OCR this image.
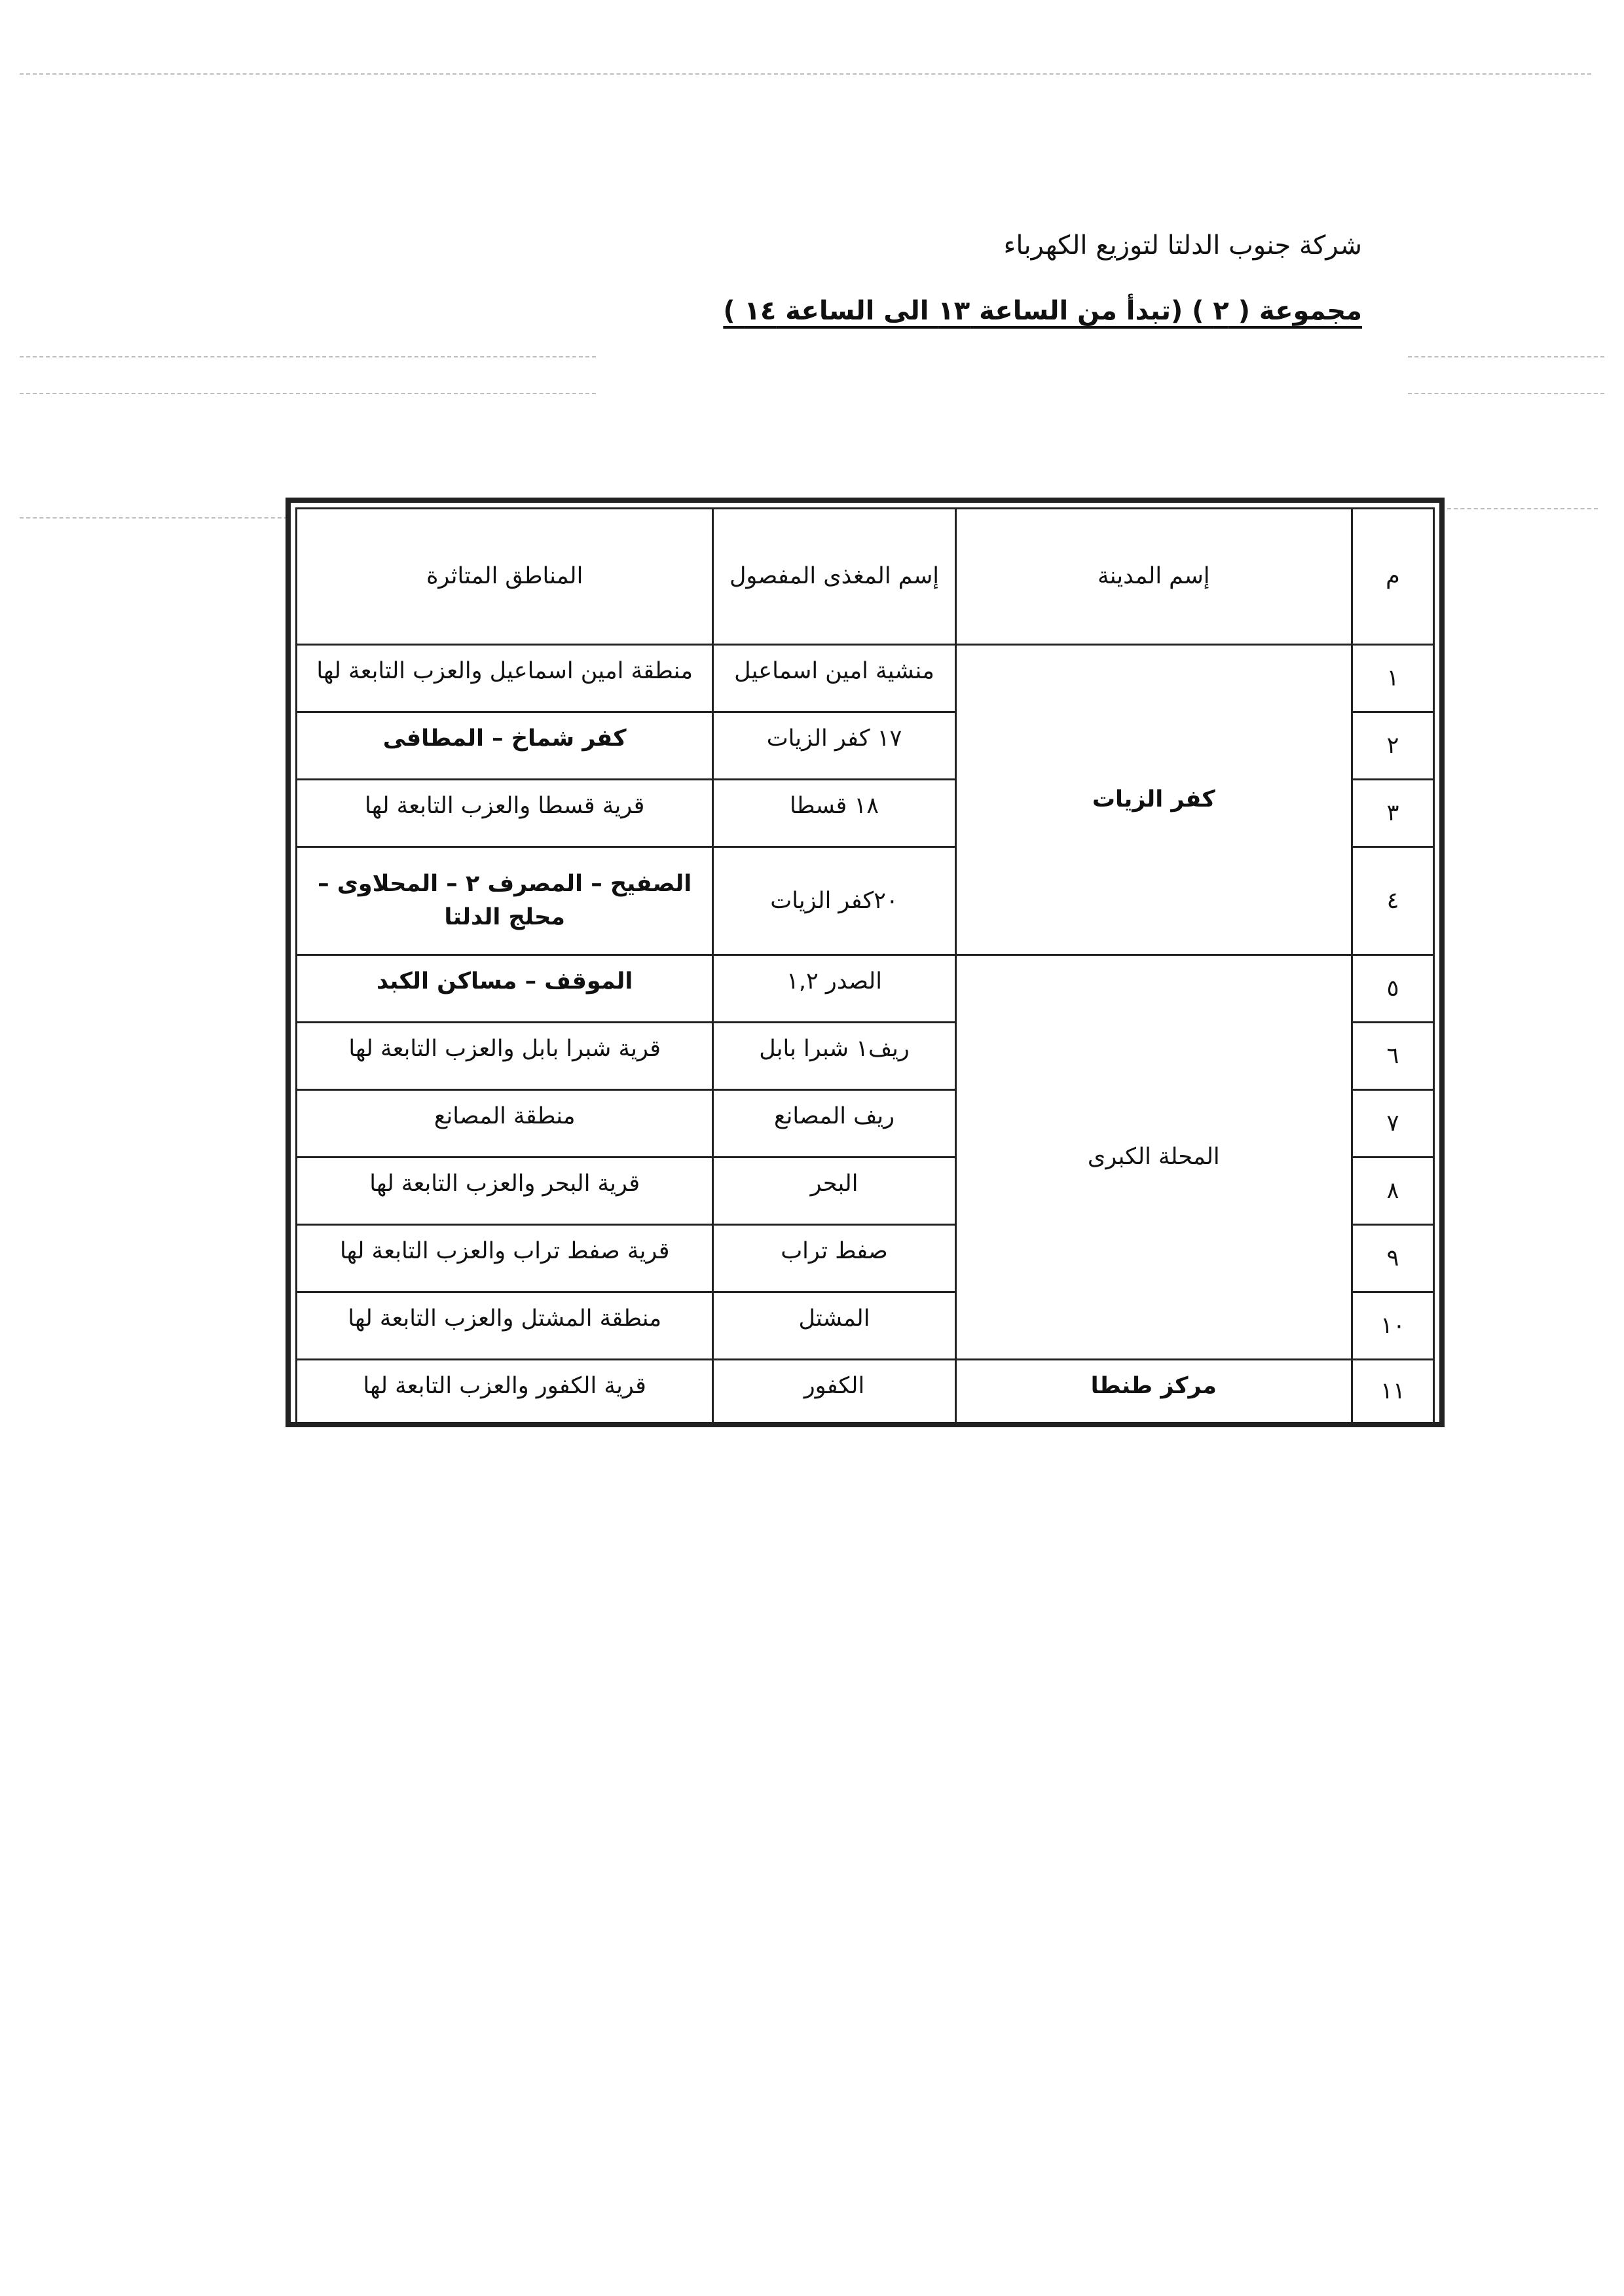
شركة جنوب الدلتا لتوزيع الكهرباء
مجموعة ( ٢ ) (تبدأ من الساعة ١٣ الى الساعة ١٤ )
م	إسم المدينة	إسم المغذى المفصول	المناطق المتاثرة
١	كفر الزيات	منشية امين اسماعيل	منطقة امين اسماعيل والعزب التابعة لها
٢		١٧ كفر الزيات	كفر شماخ – المطافى
٣		١٨ قسطا	قرية قسطا والعزب التابعة لها
٤		٢٠كفر الزيات	الصفيح – المصرف ٢ – المحلاوى – محلج الدلتا
٥	المحلة الكبرى	الصدر ١,٢	الموقف – مساكن الكبد
٦		ريف١ شبرا بابل	قرية شبرا بابل والعزب التابعة لها
٧		ريف المصانع	منطقة المصانع
٨		البحر	قرية البحر والعزب التابعة لها
٩		صفط تراب	قرية صفط تراب والعزب التابعة لها
١٠		المشتل	منطقة المشتل والعزب التابعة لها
١١	مركز طنطا	الكفور	قرية الكفور والعزب التابعة لها
